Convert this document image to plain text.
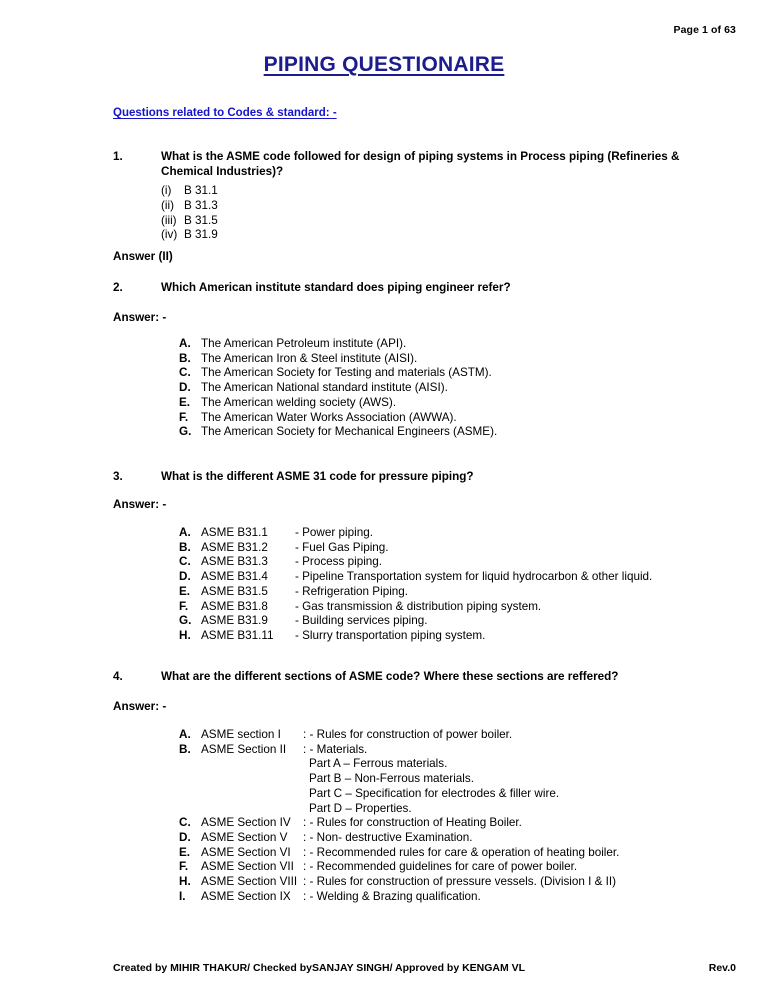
Page 1 of 63
PIPING QUESTIONAIRE
Questions related to Codes & standard: -
1.	What is the ASME code followed for design of piping systems in Process piping (Refineries & Chemical Industries)?
(i)	B 31.1
(ii) B 31.3
(iii) B 31.5
(iv) B 31.9
Answer (II)
2.	Which American institute standard does piping engineer refer?
Answer: -
A. The American Petroleum institute (API).
B. The American Iron & Steel institute (AISI).
C. The American Society for Testing and materials (ASTM).
D. The American National standard institute (AISI).
E. The American welding society (AWS).
F.	The American Water Works Association (AWWA).
G. The American Society for Mechanical Engineers (ASME).
3.	What is the different ASME 31 code for pressure piping?
Answer: -
A. ASME B31.1	- Power piping.
B. ASME B31.2	- Fuel Gas Piping.
C. ASME B31.3	- Process piping.
D. ASME B31.4	- Pipeline Transportation system for liquid hydrocarbon & other liquid.
E. ASME B31.5	- Refrigeration Piping.
F.	ASME B31.8	- Gas transmission & distribution piping system.
G. ASME B31.9	- Building services piping.
H. ASME B31.11	- Slurry transportation piping system.
4.	What are the different sections of ASME code? Where these sections are reffered?
Answer: -
A. ASME section I	: - Rules for construction of power boiler.
B. ASME Section II	: - Materials.
Part A – Ferrous materials.
Part B – Non-Ferrous materials.
Part C – Specification for electrodes & filler wire.
Part D – Properties.
C. ASME Section IV	: - Rules for construction of Heating Boiler.
D. ASME Section V	: - Non- destructive Examination.
E. ASME Section VI	: - Recommended rules for care & operation of heating boiler.
F.	ASME Section VII : - Recommended guidelines for care of power boiler.
H. ASME Section VIII : - Rules for construction of pressure vessels. (Division I & II)
I.	ASME Section IX	: - Welding & Brazing qualification.
Created by MIHIR THAKUR/ Checked bySANJAY SINGH/ Approved by KENGAM VL	Rev.0
